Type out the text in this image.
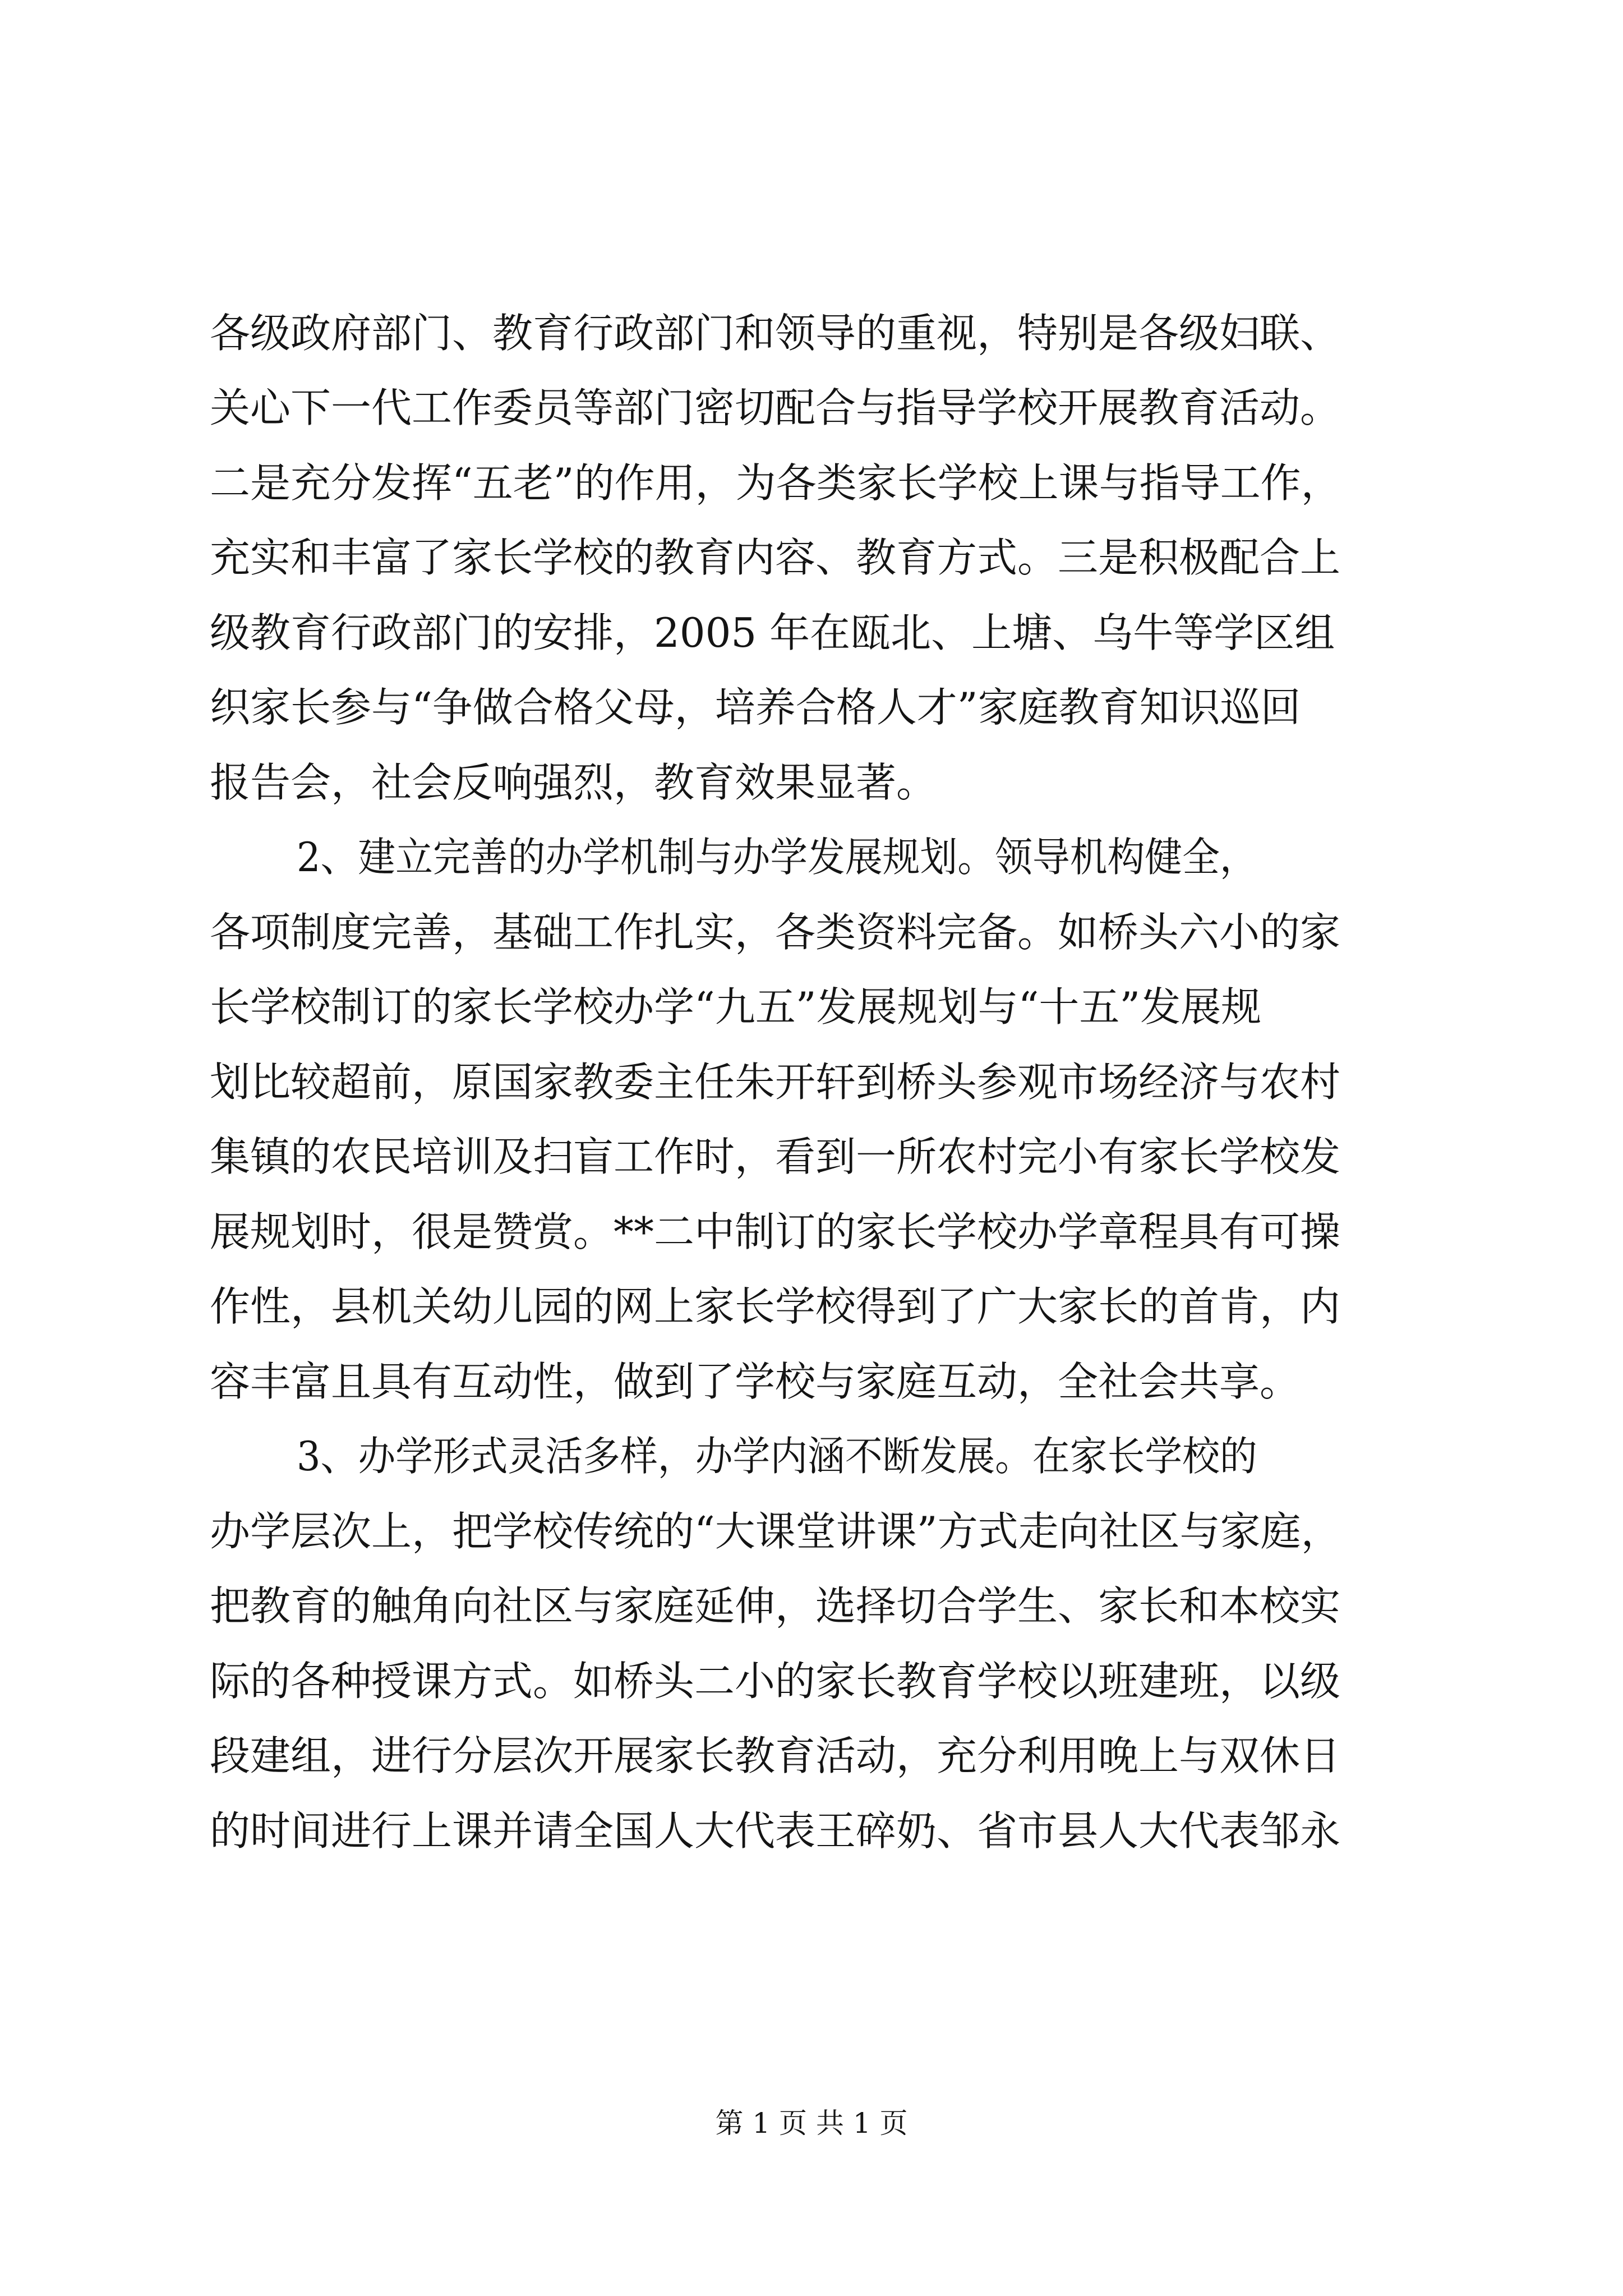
各级政府部门、教育行政部门和领导的重视，特别是各级妇联、
关心下一代工作委员等部门密切配合与指导学校开展教育活动。
二是充分发挥“五老”的作用，为各类家长学校上课与指导工作，
充实和丰富了家长学校的教育内容、教育方式。三是积极配合上
级教育行政部门的安排，2005 年在瓯北、上塘、乌牛等学区组
织家长参与“争做合格父母，培养合格人才”家庭教育知识巡回
报告会，社会反响强烈，教育效果显著。
2、建立完善的办学机制与办学发展规划。领导机构健全，
各项制度完善，基础工作扎实，各类资料完备。如桥头六小的家
长学校制订的家长学校办学“九五”发展规划与“十五”发展规
划比较超前，原国家教委主任朱开轩到桥头参观市场经济与农村
集镇的农民培训及扫盲工作时，看到一所农村完小有家长学校发
展规划时，很是赞赏。**二中制订的家长学校办学章程具有可操
作性，县机关幼儿园的网上家长学校得到了广大家长的首肯，内
容丰富且具有互动性，做到了学校与家庭互动，全社会共享。
3、办学形式灵活多样，办学内涵不断发展。在家长学校的
办学层次上，把学校传统的“大课堂讲课”方式走向社区与家庭，
把教育的触角向社区与家庭延伸，选择切合学生、家长和本校实
际的各种授课方式。如桥头二小的家长教育学校以班建班，以级
段建组，进行分层次开展家长教育活动，充分利用晚上与双休日
的时间进行上课并请全国人大代表王碎奶、省市县人大代表邹永
第 1 页 共 1 页
